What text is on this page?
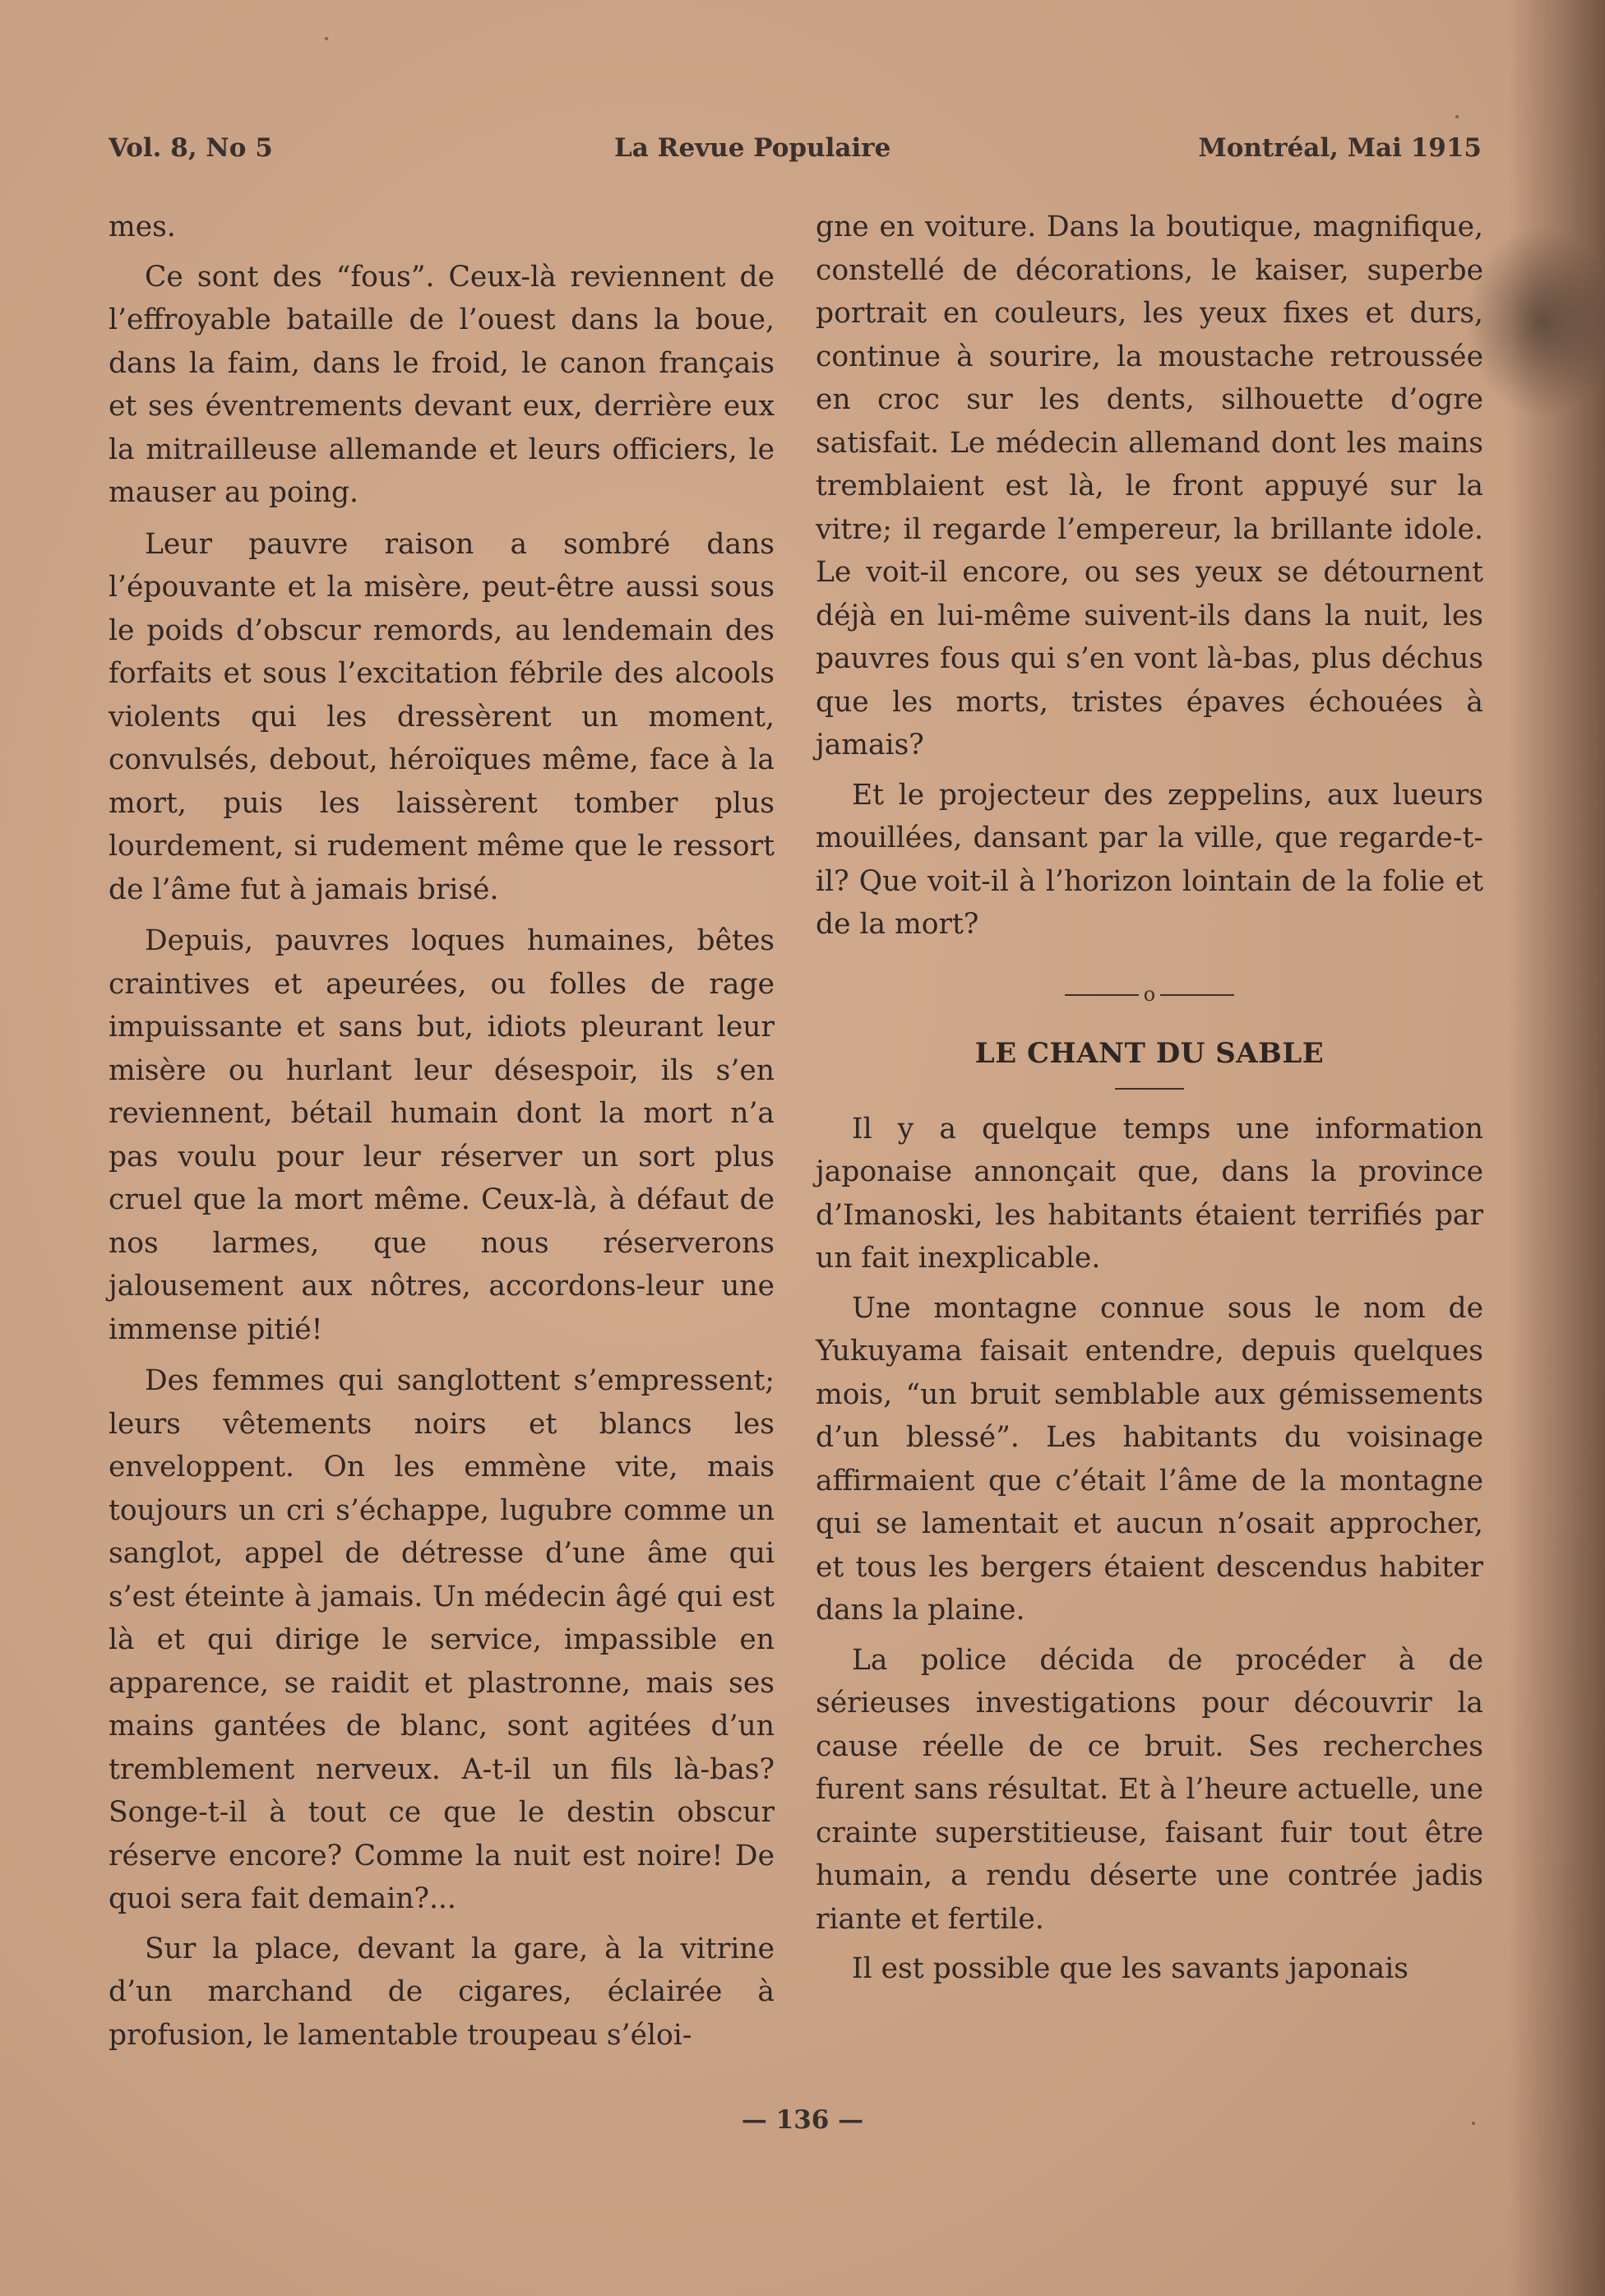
Vol. 8, No 5	La Revue Populaire	Montréal, Mai 1915

mes.

Ce sont des “fous”. Ceux-là reviennent de l’effroyable bataille de l’ouest dans la boue, dans la faim, dans le froid, le canon français et ses éventrements devant eux, derrière eux la mitrailleuse allemande et leurs officiers, le mauser au poing.

Leur pauvre raison a sombré dans l’épouvante et la misère, peut-être aussi sous le poids d’obscur remords, au lendemain des forfaits et sous l’excitation fébrile des alcools violents qui les dressèrent un moment, convulsés, debout, héroïques même, face à la mort, puis les laissèrent tomber plus lourdement, si rudement même que le ressort de l’âme fut à jamais brisé.

Depuis, pauvres loques humaines, bêtes craintives et apeurées, ou folles de rage impuissante et sans but, idiots pleurant leur misère ou hurlant leur désespoir, ils s’en reviennent, bétail humain dont la mort n’a pas voulu pour leur réserver un sort plus cruel que la mort même. Ceux-là, à défaut de nos larmes, que nous réserverons jalousement aux nôtres, accordons-leur une immense pitié!

Des femmes qui sanglottent s’empressent; leurs vêtements noirs et blancs les enveloppent. On les emmène vite, mais toujours un cri s’échappe, lugubre comme un sanglot, appel de détresse d’une âme qui s’est éteinte à jamais. Un médecin âgé qui est là et qui dirige le service, impassible en apparence, se raidit et plastronne, mais ses mains gantées de blanc, sont agitées d’un tremblement nerveux. A-t-il un fils là-bas? Songe-t-il à tout ce que le destin obscur réserve encore? Comme la nuit est noire! De quoi sera fait demain?...

Sur la place, devant la gare, à la vitrine d’un marchand de cigares, éclairée à profusion, le lamentable troupeau s’éloi-

gne en voiture. Dans la boutique, magnifique, constellé de décorations, le kaiser, superbe portrait en couleurs, les yeux fixes et durs, continue à sourire, la moustache retroussée en croc sur les dents, silhouette d’ogre satisfait. Le médecin allemand dont les mains tremblaient est là, le front appuyé sur la vitre; il regarde l’empereur, la brillante idole. Le voit-il encore, ou ses yeux se détournent déjà en lui-même suivent-ils dans la nuit, les pauvres fous qui s’en vont là-bas, plus déchus que les morts, tristes épaves échouées à jamais?

Et le projecteur des zeppelins, aux lueurs mouillées, dansant par la ville, que regarde-t-il? Que voit-il à l’horizon lointain de la folie et de la mort?

o
LE CHANT DU SABLE

Il y a quelque temps une information japonaise annonçait que, dans la province d’Imanoski, les habitants étaient terrifiés par un fait inexplicable.

Une montagne connue sous le nom de Yukuyama faisait entendre, depuis quelques mois, “un bruit semblable aux gémissements d’un blessé”. Les habitants du voisinage affirmaient que c’était l’âme de la montagne qui se lamentait et aucun n’osait approcher, et tous les bergers étaient descendus habiter dans la plaine.

La police décida de procéder à de sérieuses investigations pour découvrir la cause réelle de ce bruit. Ses recherches furent sans résultat. Et à l’heure actuelle, une crainte superstitieuse, faisant fuir tout être humain, a rendu déserte une contrée jadis riante et fertile.

Il est possible que les savants japonais

— 136 —
